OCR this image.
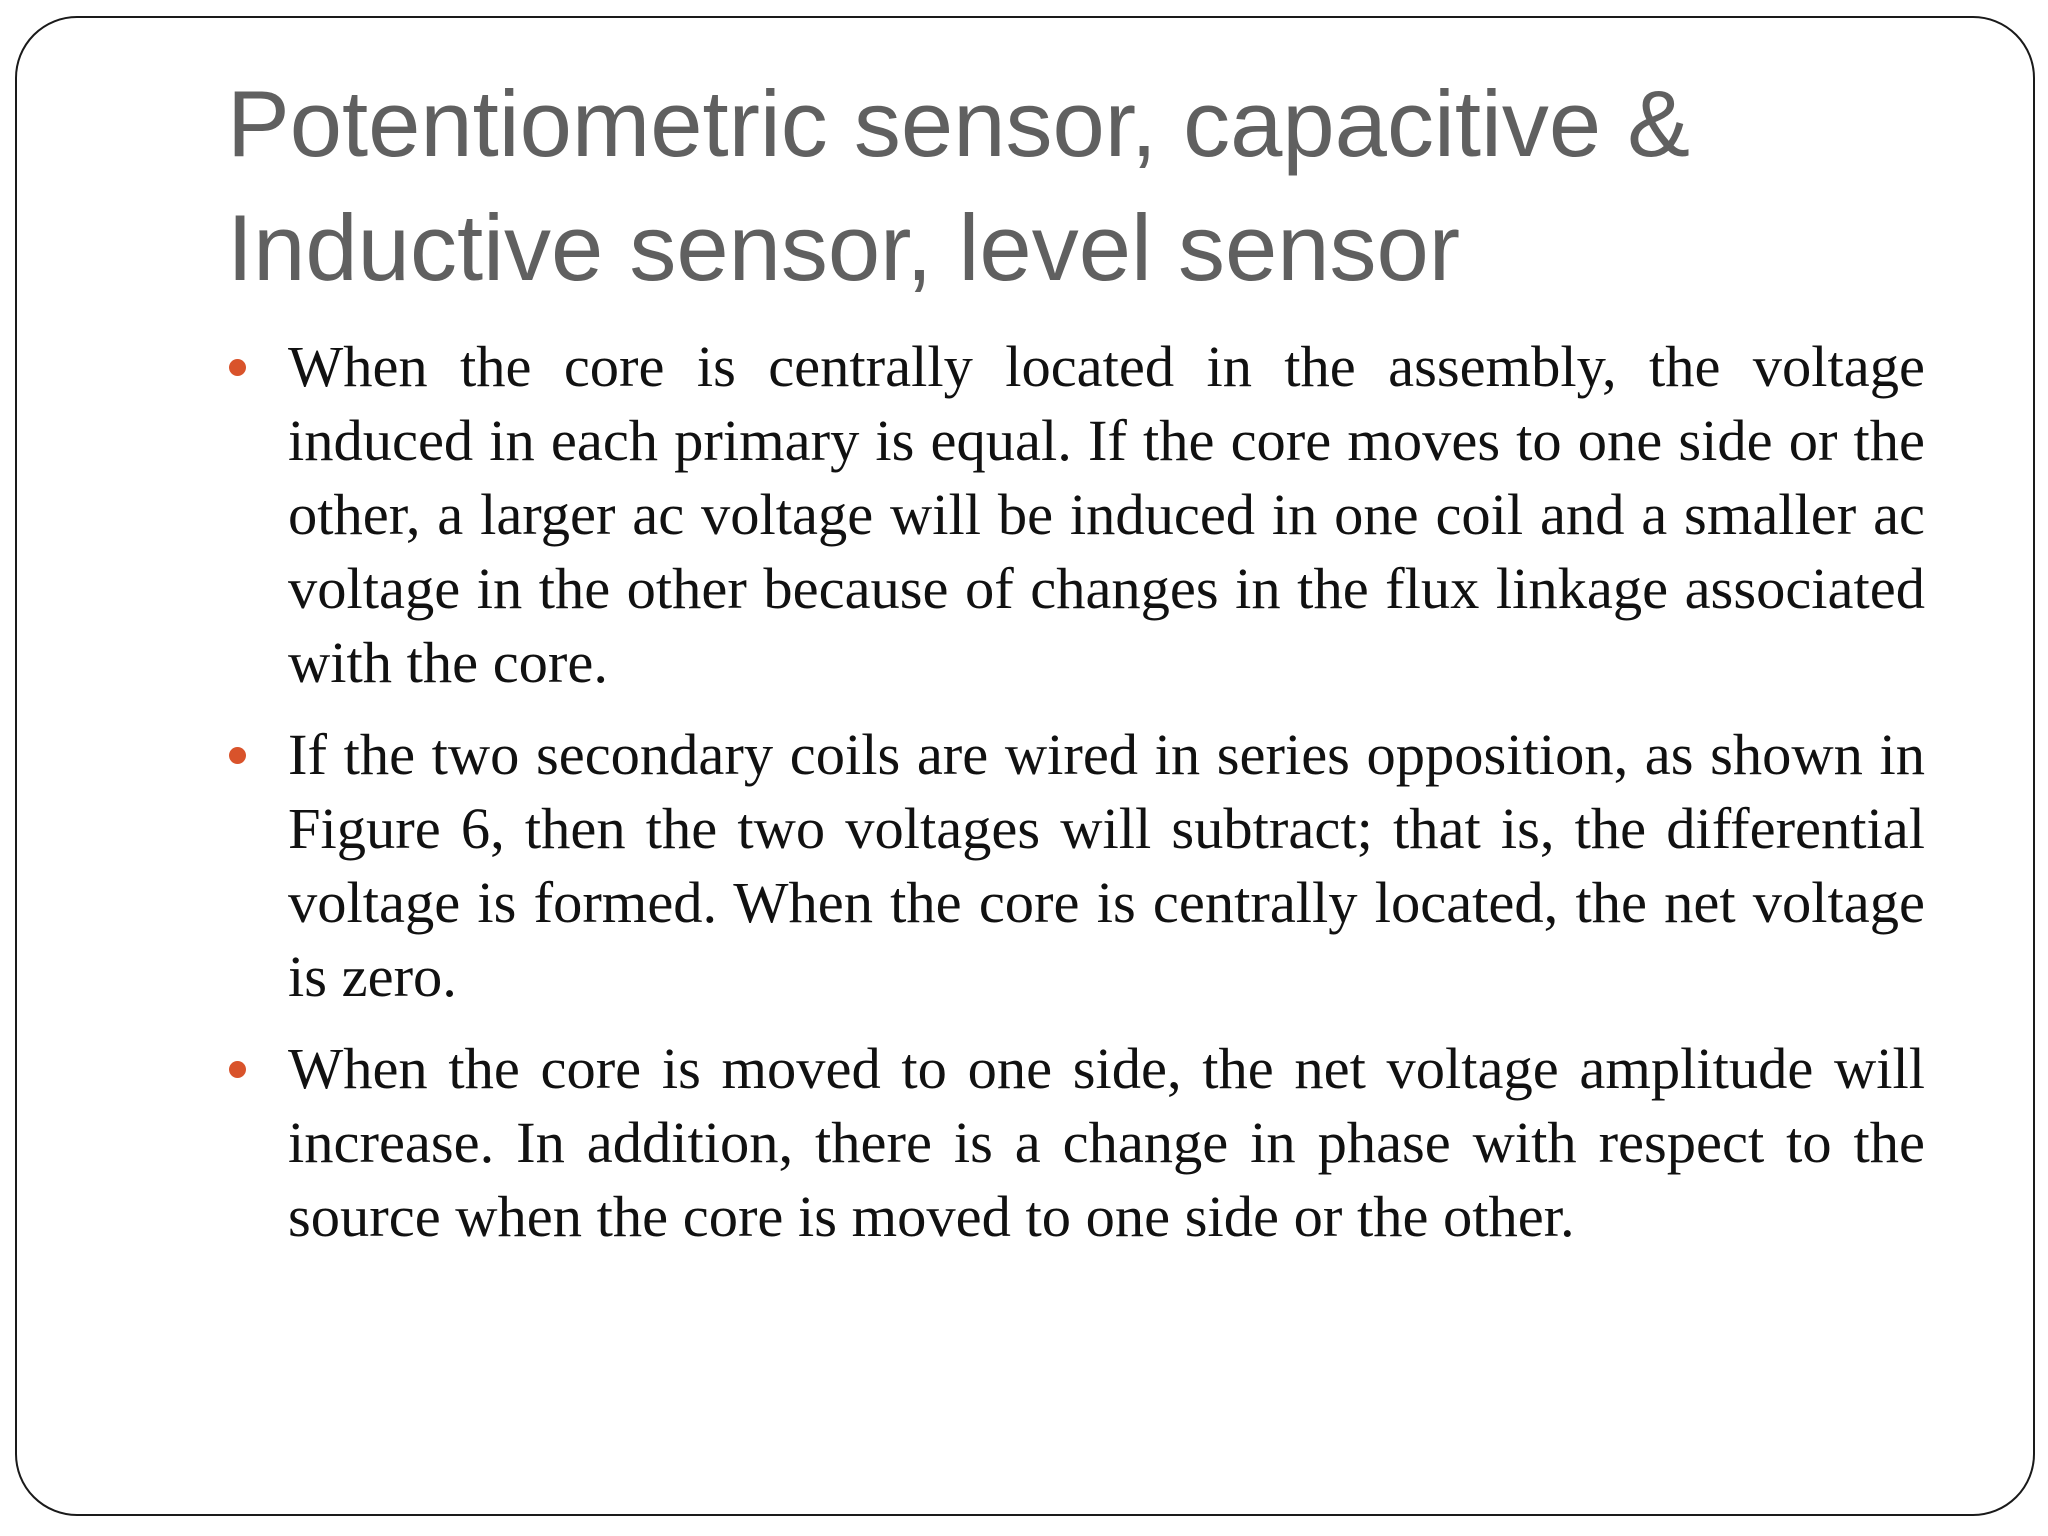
Potentiometric sensor, capacitive &
Inductive sensor, level sensor
When the core is centrally located in the assembly, the voltage induced in each primary is equal. If the core moves to one side or the other, a larger ac voltage will be induced in one coil and a smaller ac voltage in the other because of changes in the flux linkage associated with the core.
If the two secondary coils are wired in series opposition, as shown in Figure 6, then the two voltages will subtract; that is, the differential voltage is formed. When the core is centrally located, the net voltage is zero.
When the core is moved to one side, the net voltage amplitude will increase. In addition, there is a change in phase with respect to the source when the core is moved to one side or the other.
